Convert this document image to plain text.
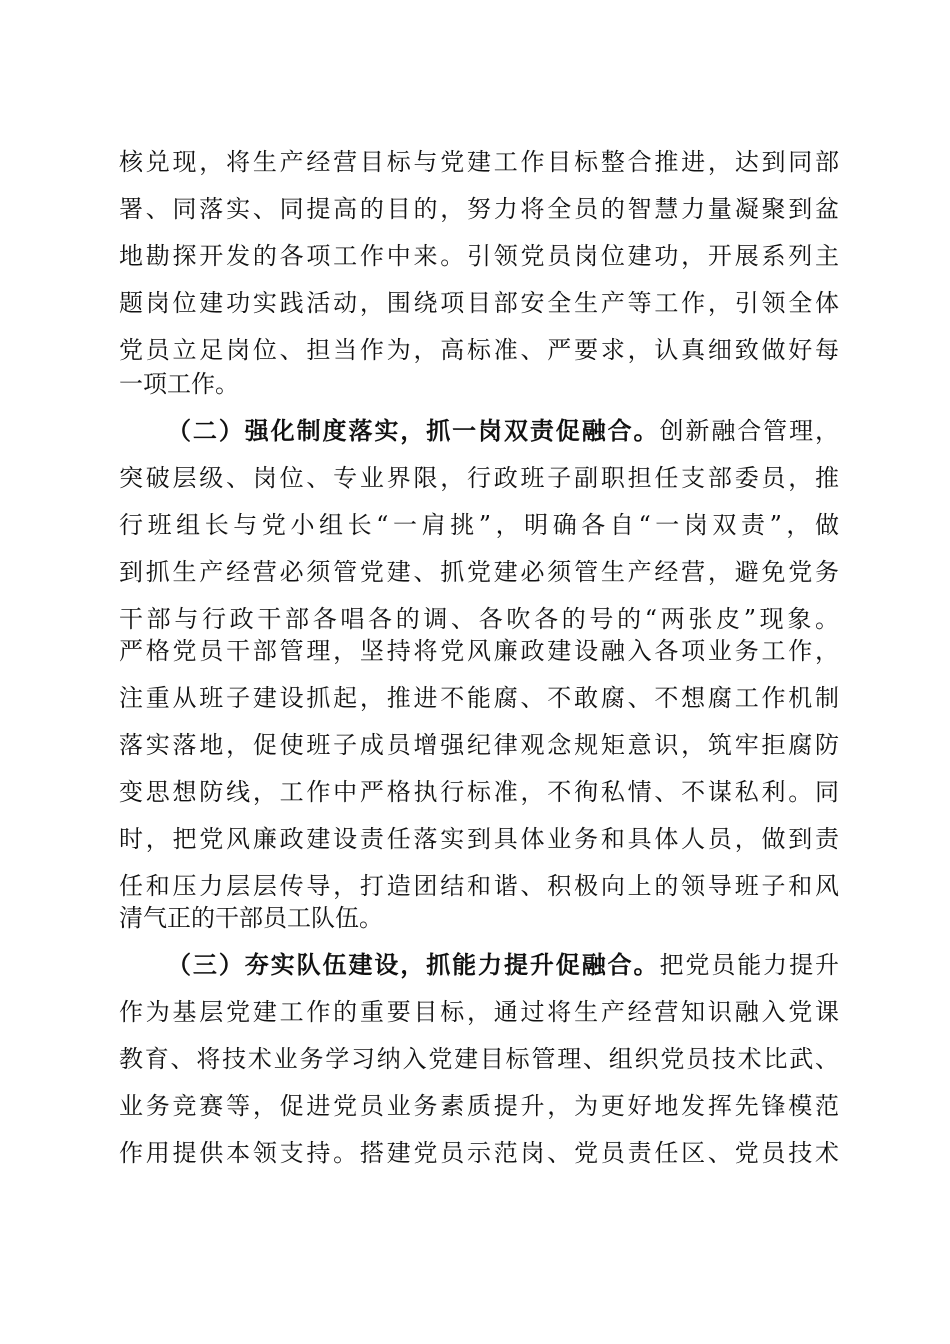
核兑现，将生产经营目标与党建工作目标整合推进，达到同部
署、同落实、同提高的目的，努力将全员的智慧力量凝聚到盆
地勘探开发的各项工作中来。引领党员岗位建功，开展系列主
题岗位建功实践活动，围绕项目部安全生产等工作，引领全体
党员立足岗位、担当作为，高标准、严要求，认真细致做好每
一项工作。
（二）强化制度落实，抓一岗双责促融合。创新融合管理，
突破层级、岗位、专业界限，行政班子副职担任支部委员，推
行班组长与党小组长“一肩挑”，明确各自“一岗双责”，做
到抓生产经营必须管党建、抓党建必须管生产经营，避免党务
干部与行政干部各唱各的调、各吹各的号的“两张皮”现象。
严格党员干部管理，坚持将党风廉政建设融入各项业务工作，
注重从班子建设抓起，推进不能腐、不敢腐、不想腐工作机制
落实落地，促使班子成员增强纪律观念规矩意识，筑牢拒腐防
变思想防线，工作中严格执行标准，不徇私情、不谋私利。同
时，把党风廉政建设责任落实到具体业务和具体人员，做到责
任和压力层层传导，打造团结和谐、积极向上的领导班子和风
清气正的干部员工队伍。
（三）夯实队伍建设，抓能力提升促融合。把党员能力提升
作为基层党建工作的重要目标，通过将生产经营知识融入党课
教育、将技术业务学习纳入党建目标管理、组织党员技术比武、
业务竞赛等，促进党员业务素质提升，为更好地发挥先锋模范
作用提供本领支持。搭建党员示范岗、党员责任区、党员技术
